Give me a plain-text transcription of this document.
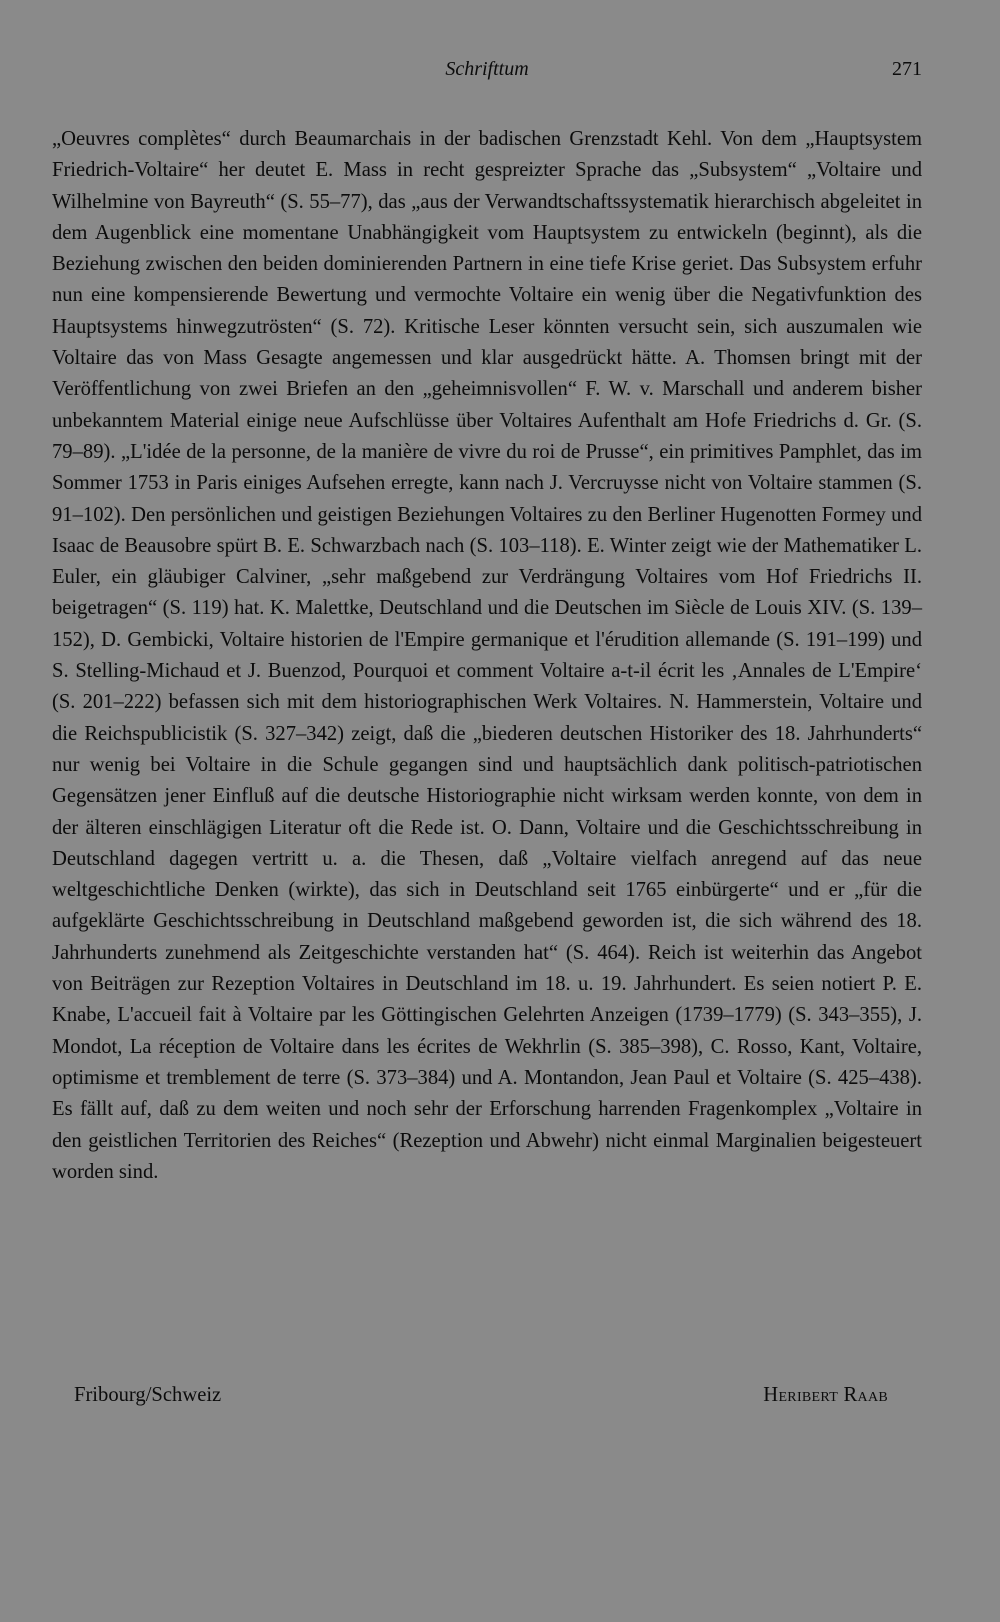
Schrifttum	271

„Oeuvres complètes“ durch Beaumarchais in der badischen Grenzstadt Kehl. Von dem „Hauptsystem Friedrich-Voltaire“ her deutet E. Mass in recht gespreizter Sprache das „Subsystem“ „Voltaire und Wilhelmine von Bayreuth“ (S. 55–77), das „aus der Verwandtschaftssystematik hierarchisch abgeleitet in dem Augenblick eine momentane Unabhängigkeit vom Hauptsystem zu entwickeln (beginnt), als die Beziehung zwischen den beiden dominierenden Partnern in eine tiefe Krise geriet. Das Subsystem erfuhr nun eine kompensierende Bewertung und vermochte Voltaire ein wenig über die Negativfunktion des Hauptsystems hinwegzutrösten“ (S. 72). Kritische Leser könnten versucht sein, sich auszumalen wie Voltaire das von Mass Gesagte angemessen und klar ausgedrückt hätte. A. Thomsen bringt mit der Veröffentlichung von zwei Briefen an den „geheimnisvollen“ F. W. v. Marschall und anderem bisher unbekanntem Material einige neue Aufschlüsse über Voltaires Aufenthalt am Hofe Friedrichs d. Gr. (S. 79–89). „L'idée de la personne, de la manière de vivre du roi de Prusse“, ein primitives Pamphlet, das im Sommer 1753 in Paris einiges Aufsehen erregte, kann nach J. Vercruysse nicht von Voltaire stammen (S. 91–102). Den persönlichen und geistigen Beziehungen Voltaires zu den Berliner Hugenotten Formey und Isaac de Beausobre spürt B. E. Schwarzbach nach (S. 103–118). E. Winter zeigt wie der Mathematiker L. Euler, ein gläubiger Calviner, „sehr maßgebend zur Verdrängung Voltaires vom Hof Friedrichs II. beigetragen“ (S. 119) hat. K. Malettke, Deutschland und die Deutschen im Siècle de Louis XIV. (S. 139–152), D. Gembicki, Voltaire historien de l'Empire germanique et l'érudition allemande (S. 191–199) und S. Stelling-Michaud et J. Buenzod, Pourquoi et comment Voltaire a-t-il écrit les ‚Annales de L'Empire‘ (S. 201–222) befassen sich mit dem historiographischen Werk Voltaires. N. Hammerstein, Voltaire und die Reichspublicistik (S. 327–342) zeigt, daß die „biederen deutschen Historiker des 18. Jahrhunderts“ nur wenig bei Voltaire in die Schule gegangen sind und hauptsächlich dank politisch-patriotischen Gegensätzen jener Einfluß auf die deutsche Historiographie nicht wirksam werden konnte, von dem in der älteren einschlägigen Literatur oft die Rede ist. O. Dann, Voltaire und die Geschichtsschreibung in Deutschland dagegen vertritt u. a. die Thesen, daß „Voltaire vielfach anregend auf das neue weltgeschichtliche Denken (wirkte), das sich in Deutschland seit 1765 einbürgerte“ und er „für die aufgeklärte Geschichtsschreibung in Deutschland maßgebend geworden ist, die sich während des 18. Jahrhunderts zunehmend als Zeitgeschichte verstanden hat“ (S. 464). Reich ist weiterhin das Angebot von Beiträgen zur Rezeption Voltaires in Deutschland im 18. u. 19. Jahrhundert. Es seien notiert P. E. Knabe, L'accueil fait à Voltaire par les Göttingischen Gelehrten Anzeigen (1739–1779) (S. 343–355), J. Mondot, La réception de Voltaire dans les écrites de Wekhrlin (S. 385–398), C. Rosso, Kant, Voltaire, optimisme et tremblement de terre (S. 373–384) und A. Montandon, Jean Paul et Voltaire (S. 425–438). Es fällt auf, daß zu dem weiten und noch sehr der Erforschung harrenden Fragenkomplex „Voltaire in den geistlichen Territorien des Reiches“ (Rezeption und Abwehr) nicht einmal Marginalien beigesteuert worden sind.

Fribourg/Schweiz	Heribert Raab
